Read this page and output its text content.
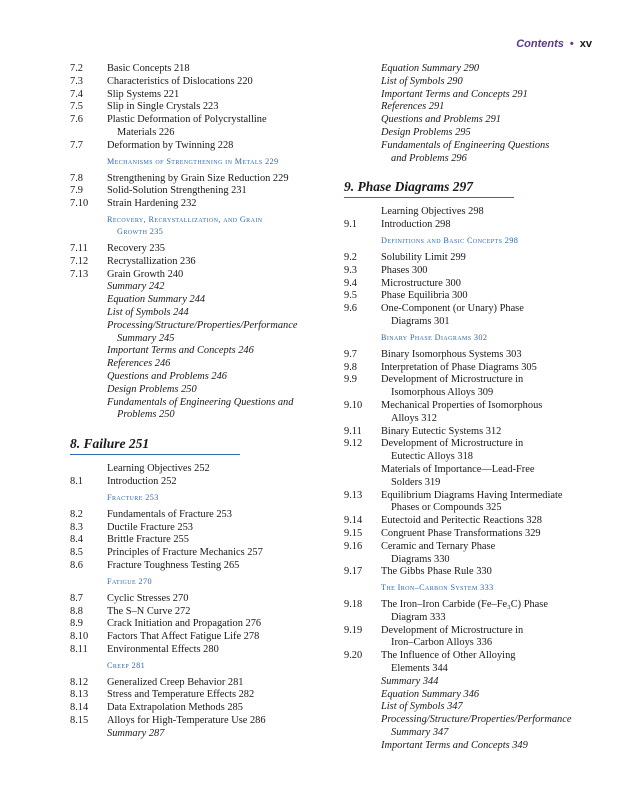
Contents • xv
7.2 Basic Concepts 218
7.3 Characteristics of Dislocations 220
7.4 Slip Systems 221
7.5 Slip in Single Crystals 223
7.6 Plastic Deformation of Polycrystalline
Materials 226
7.7 Deformation by Twinning 228
Mechanisms of Strengthening in Metals 229
7.8 Strengthening by Grain Size Reduction 229
7.9 Solid-Solution Strengthening 231
7.10 Strain Hardening 232
Recovery, Recrystallization, and Grain
Growth 235
7.11 Recovery 235
7.12 Recrystallization 236
7.13 Grain Growth 240
Summary 242
Equation Summary 244
List of Symbols 244
Processing/Structure/Properties/Performance
Summary 245
Important Terms and Concepts 246
References 246
Questions and Problems 246
Design Problems 250
Fundamentals of Engineering Questions and
Problems 250
8. Failure 251
Learning Objectives 252
8.1 Introduction 252
Fracture 253
8.2 Fundamentals of Fracture 253
8.3 Ductile Fracture 253
8.4 Brittle Fracture 255
8.5 Principles of Fracture Mechanics 257
8.6 Fracture Toughness Testing 265
Fatigue 270
8.7 Cyclic Stresses 270
8.8 The S–N Curve 272
8.9 Crack Initiation and Propagation 276
8.10 Factors That Affect Fatigue Life 278
8.11 Environmental Effects 280
Creep 281
8.12 Generalized Creep Behavior 281
8.13 Stress and Temperature Effects 282
8.14 Data Extrapolation Methods 285
8.15 Alloys for High-Temperature Use 286
Summary 287
Equation Summary 290
List of Symbols 290
Important Terms and Concepts 291
References 291
Questions and Problems 291
Design Problems 295
Fundamentals of Engineering Questions
and Problems 296
9. Phase Diagrams 297
Learning Objectives 298
9.1 Introduction 298
Definitions and Basic Concepts 298
9.2 Solubility Limit 299
9.3 Phases 300
9.4 Microstructure 300
9.5 Phase Equilibria 300
9.6 One-Component (or Unary) Phase
Diagrams 301
Binary Phase Diagrams 302
9.7 Binary Isomorphous Systems 303
9.8 Interpretation of Phase Diagrams 305
9.9 Development of Microstructure in
Isomorphous Alloys 309
9.10 Mechanical Properties of Isomorphous
Alloys 312
9.11 Binary Eutectic Systems 312
9.12 Development of Microstructure in
Eutectic Alloys 318
Materials of Importance—Lead-Free
Solders 319
9.13 Equilibrium Diagrams Having Intermediate
Phases or Compounds 325
9.14 Eutectoid and Peritectic Reactions 328
9.15 Congruent Phase Transformations 329
9.16 Ceramic and Ternary Phase
Diagrams 330
9.17 The Gibbs Phase Rule 330
The Iron–Carbon System 333
9.18 The Iron–Iron Carbide (Fe–Fe₃C) Phase
Diagram 333
9.19 Development of Microstructure in
Iron–Carbon Alloys 336
9.20 The Influence of Other Alloying
Elements 344
Summary 344
Equation Summary 346
List of Symbols 347
Processing/Structure/Properties/Performance
Summary 347
Important Terms and Concepts 349
